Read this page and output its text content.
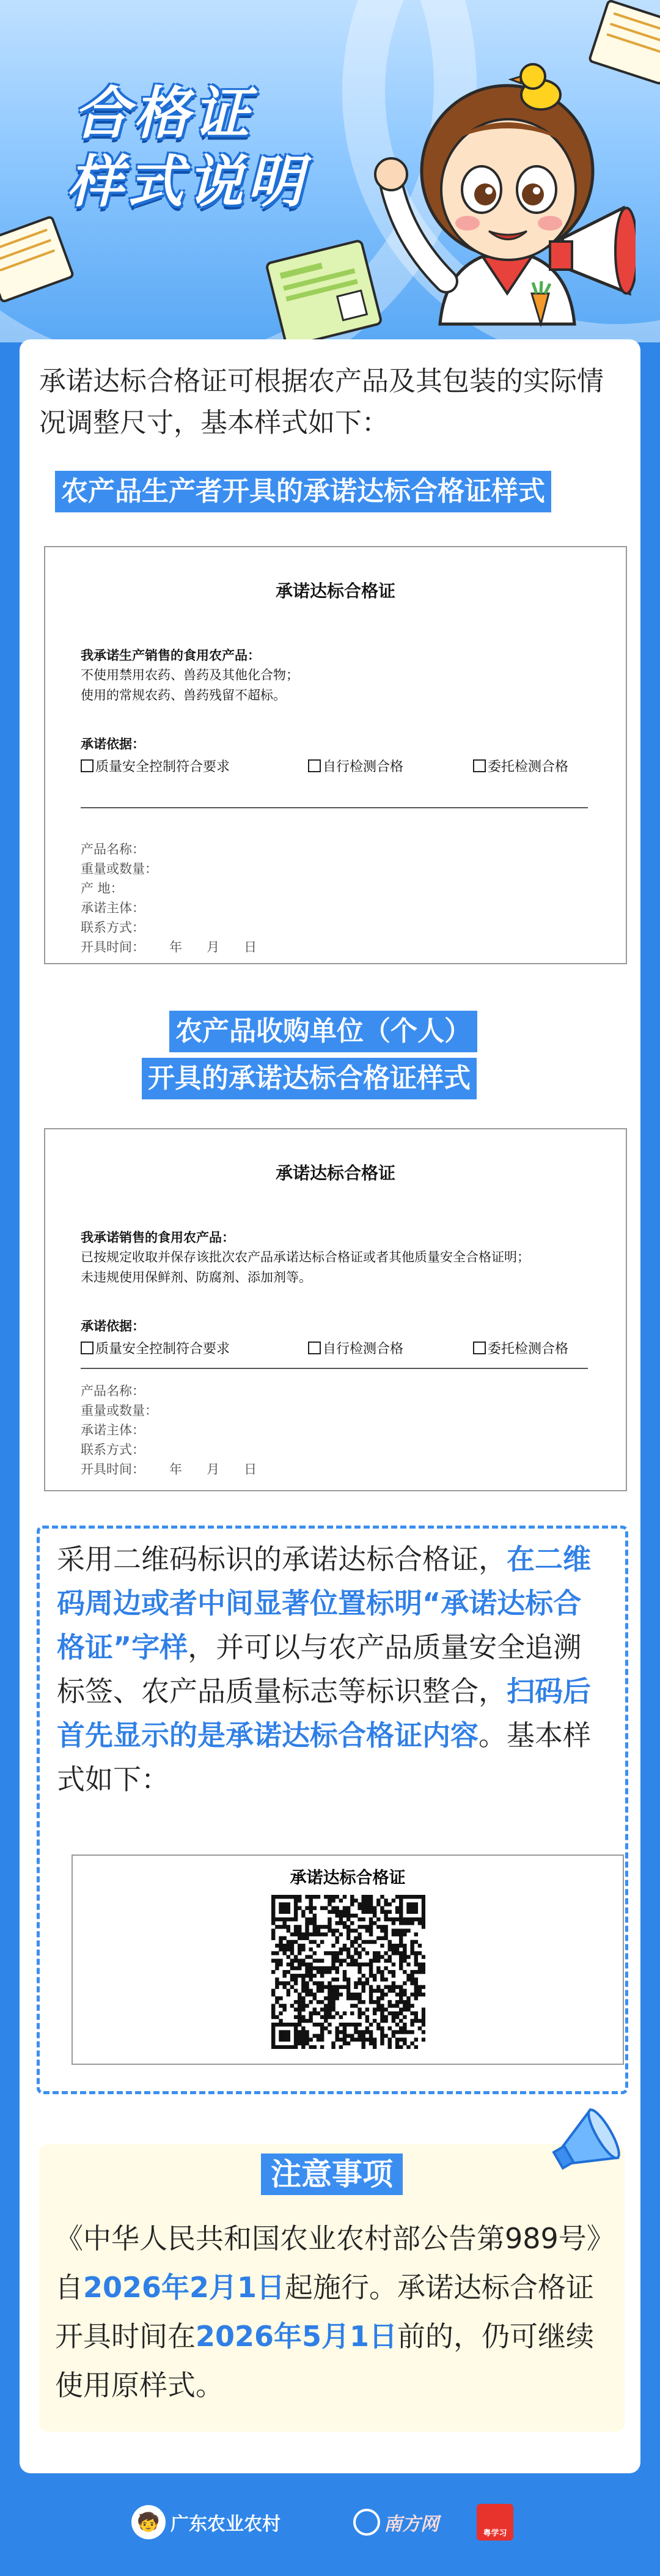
合格证
样式说明
承诺达标合格证可根据农产品及其包装的实际情况调整尺寸，基本样式如下：
农产品生产者开具的承诺达标合格证样式
承诺达标合格证
我承诺生产销售的食用农产品：
不使用禁用农药、兽药及其他化合物；
使用的常规农药、兽药残留不超标。
承诺依据：
质量安全控制符合要求	自行检测合格	委托检测合格
产品名称：
重量或数量：
产 地：
承诺主体：
联系方式：
开具时间：      年      月      日
农产品收购单位（个人）
开具的承诺达标合格证样式
承诺达标合格证
我承诺销售的食用农产品：
已按规定收取并保存该批次农产品承诺达标合格证或者其他质量安全合格证明；
未违规使用保鲜剂、防腐剂、添加剂等。
承诺依据：
质量安全控制符合要求	自行检测合格	委托检测合格
产品名称：
重量或数量：
承诺主体：
联系方式：
开具时间：      年      月      日
采用二维码标识的承诺达标合格证，在二维码周边或者中间显著位置标明“承诺达标合格证”字样，并可以与农产品质量安全追溯标签、农产品质量标志等标识整合，扫码后首先显示的是承诺达标合格证内容。基本样式如下：
承诺达标合格证
注意事项
《中华人民共和国农业农村部公告第989号》自2026年2月1日起施行。承诺达标合格证开具时间在2026年5月1日前的，仍可继续使用原样式。
🧒 广东农业农村	南方网	粤学习
